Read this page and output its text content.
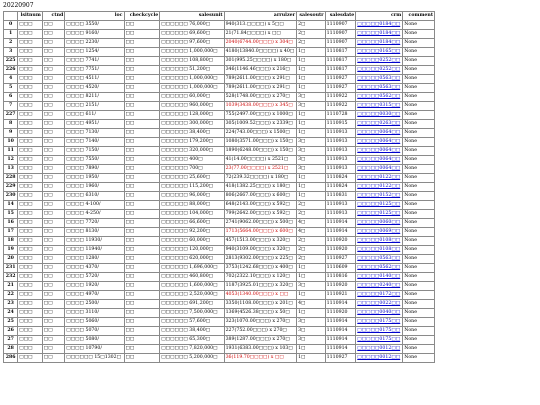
20220907
	lsitnum	ctnd	loc	checkcycle	salesunit	arrulzer	salesoutr	salesdate	crm	comment
0	□□□	□□	□□□□ 3550/	□□	□□□□□□ 76,000□	940(313.□□□□) x 5□□	2□	1110907	□□□□□0184□□	None
1	□□□	□□	□□□□ 9160/	□□	□□□□□□ 69,600□	21(71.84□□□□) x □□	2□	1110907	□□□□□0184□□	None
2	□□□	□□	□□□□ 2230/	□□	□□□□□□ 97,600□	2040(6744.00□□□) x 304□	2□	1110907	□□□□□0184□□	None
3	□□□	□□	□□□□ 1254/	□□	□□□□□□ 1,000,000□	4180(13840.0□□□□) x 40□	1□	1110817	□□□□□0165□□	None
225	□□□	□□	□□□□ 7741/	□□	□□□□□□ 108,800□	301(995.25□□□□) x 180□	1□	1110817	□□□□□0252□□	None
226	□□□	□□	□□□□ 7751/	□□	□□□□□□ 51,200□	346(1146.46□□□) x 216□	1□	1110817	□□□□□0252□□	None
4	□□□	□□	□□□□ 4511/	□□	□□□□□□ 1,000,000□	789(2611.00□□□) x 291□	1□	1110927	□□□□□0563□□	None
5	□□□	□□	□□□□ 4520/	□□	□□□□□□ 1,000,000□	789(2611.00□□□) x 291□	1□	1110927	□□□□□0563□□	None
6	□□□	□□	□□□□ 8211/	□□	□□□□□□ 60,000□	528(1748.00□□□) x 270□	3□	1110922	□□□□□0562□□	None
7	□□□	□□	□□□□ 2151/	□□	□□□□□□ 960,000□	1039(3438.00□□□) x 345□	3□	1110922	□□□□□0315□□	None
227	□□□	□□	□□□□ 611/	□□	□□□□□□ 128,000□	755(2497.00□□□) x 1000□	1□	1110728	□□□□□0030□□	None
8	□□□	□□	□□□□ 4951/	□□	□□□□□□ 300,000□	305(1009.52□□□) x 2339□	1□	1110915	□□□□□0263□□	None
9	□□□	□□	□□□□ 7130/	□□	□□□□□□ 38,400□	224(743.00□□□) x 1500□	1□	1110913	□□□□□0064□□	None
10	□□□	□□	□□□□ 7140/	□□	□□□□□□ 179,200□	1080(3571.00□□□) x 150□	3□	1110913	□□□□□0064□□	None
11	□□□	□□	□□□□ 7150/	□□	□□□□□□ 320,000□	1890(6248.00□□□) x 150□	3□	1110913	□□□□□0064□□	None
12	□□□	□□	□□□□ 7550/	□□	□□□□□□ 400□	41(14.00□□□□) x 2521□	3□	1110913	□□□□□0064□□	None
13	□□□	□□	□□□□ 7890/	□□	□□□□□□ 700□	23(77.00□□□□) x 2521□	3□	1110913	□□□□□0064□□	None
228	□□□	□□	□□□□ 1950/	□□	□□□□□□ 25,600□	72(239.32□□□□) x 180□	1□	1110824	□□□□□0122□□	None
229	□□□	□□	□□□□ 1960/	□□	□□□□□□ 115,200□	418(1382.25□□□) x 180□	1□	1110824	□□□□□0122□□	None
230	□□□	□□	□□□□ 6310/	□□	□□□□□□ 96,000□	806(2667.00□□□) x 600□	1□	1110831	□□□□□0152□□	None
14	□□□	□□	□□□□ 4-100/	□□	□□□□□□ 88,000□	648(2143.00□□□) x 592□	2□	1110913	□□□□□0125□□	None
15	□□□	□□	□□□□ 4-250/	□□	□□□□□□ 104,000□	799(2642.00□□□) x 592□	2□	1110913	□□□□□0125□□	None
16	□□□	□□	□□□□ 7720/	□□	□□□□□□ 66,600□	2741(9062.00□□□) x 500□	4□	1110914	□□□□□0060□□	None
17	□□□	□□	□□□□ 8130/	□□	□□□□□□ 92,200□	1713(5664.00□□□) x 600□	4□	1110914	□□□□□0069□□	None
18	□□□	□□	□□□□ 11930/	□□	□□□□□□ 60,000□	457(1513.00□□□) x 320□	2□	1110920	□□□□□0108□□	None
19	□□□	□□	□□□□ 11940/	□□	□□□□□□ 120,000□	940(3109.00□□□) x 320□	2□	1110920	□□□□□0108□□	None
20	□□□	□□	□□□□ 1280/	□□	□□□□□□ 620,000□	2813(9302.00□□□) x 225□	2□	1110927	□□□□□0563□□	None
231	□□□	□□	□□□□ 4370/	□□	□□□□□□ 1,696,000□	3753(1242.68□□□) x 400□	1□	1110609	□□□□□0562□□	None
232	□□□	□□	□□□□ 5720/	□□	□□□□□□ 460,800□	702(2322.10□□□) x 120□	1□	1110816	□□□□□0140□□	None
21	□□□	□□	□□□□ 1920/	□□	□□□□□□ 1,600,000□	1187(3925.01□□□) x 320□	3□	1110920	□□□□□0240□□	None
22	□□□	□□	□□□□ 4970/	□□	□□□□□□ 2,520,000□	4053(1340.00□□□) x □□	1□	1110921	□□□□□0172□□	None
23	□□□	□□	□□□□ 2500/	□□	□□□□□□ 691,200□	3350(1108.00□□□) x 201□	4□	1110914	□□□□□0022□□	None
24	□□□	□□	□□□□ 3110/	□□	□□□□□□ 7,500,000□	1369(4526.38□□□) x 50□	1□	1110920	□□□□□0040□□	None
25	□□□	□□	□□□□ 5060/	□□	□□□□□□ 57,600□	323(1070.00□□□) x 270□	3□	1110914	□□□□□0175□□	None
26	□□□	□□	□□□□ 5070/	□□	□□□□□□ 38,400□	227(752.00□□□) x 270□	3□	1110914	□□□□□0175□□	None
27	□□□	□□	□□□□ 5080/	□□	□□□□□□ 65,300□	389(1287.00□□□) x 270□	3□	1110914	□□□□□0175□□	None
28	□□□	□□	□□□□ 10790/	□□	□□□□□□ 7,820,000□	1931(6383.00□□□) x 103□	1□	1110914	□□□□□0012□□	None
286	□□□	□□	□□□□□□ 15□1302□	□□	□□□□□□ 5,200,000□	36(119.70□□□□) x □□	1□	1110927	□□□□□0012□□	None
